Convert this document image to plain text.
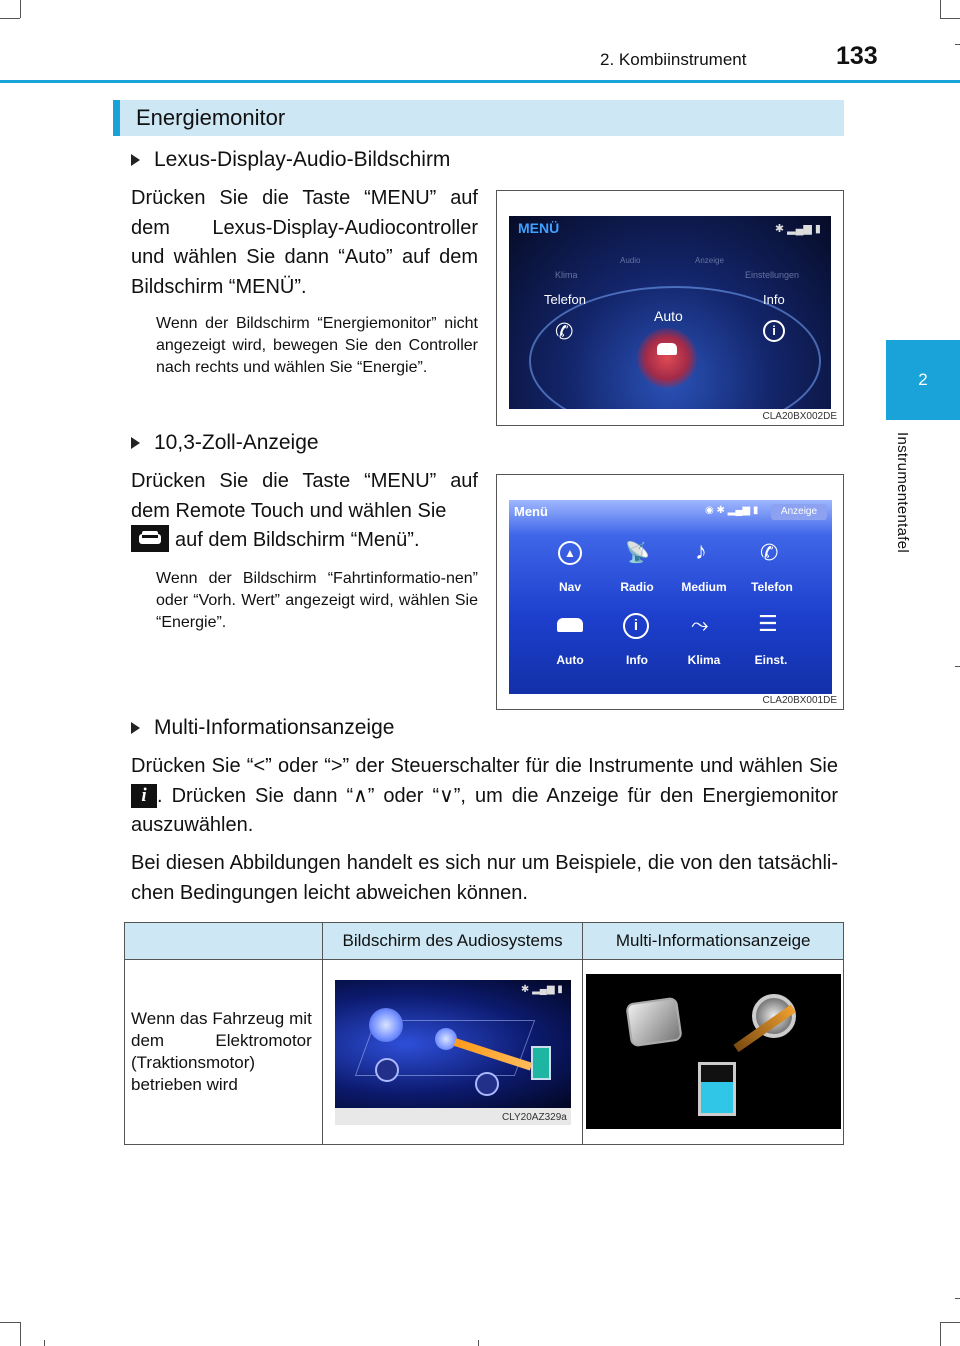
2. Kombiinstrument	133
2
Instrumententafel
Energiemonitor
Lexus-Display-Audio-Bildschirm
Drücken Sie die Taste “MENU” auf dem Lexus-Display-Audiocontroller und wählen Sie dann “Auto” auf dem Bildschirm “MENÜ”.
Wenn der Bildschirm “Energiemonitor” nicht angezeigt wird, bewegen Sie den Controller nach rechts und wählen Sie “Energie”.
MENÜ	✱ ▂▄▆ ▮
Klima
Audio	Anzeige
Einstellungen
Telefon	Info
Auto
✆	i
CLA20BX002DE
10,3-Zoll-Anzeige
Drücken Sie die Taste “MENU” auf dem Remote Touch und wählen Sie
auf dem Bildschirm “Menü”.
Wenn der Bildschirm “Fahrtinformatio-nen” oder “Vorh. Wert” angezeigt wird, wählen Sie “Energie”.
Menü	◉ ✱ ▂▄▆ ▮	Anzeige
▲	📡 ♪ ✆
Nav	Radio	Medium	Telefon
i	⤳ ☰
Auto	Info	Klima	Einst.
CLA20BX001DE
Multi-Informationsanzeige
Drücken Sie “<” oder “>” der Steuerschalter für die Instrumente und wählen Sie i . Drücken Sie dann “∧” oder “∨”, um die Anzeige für den Energiemonitor auszuwählen.
Bei diesen Abbildungen handelt es sich nur um Beispiele, die von den tatsächli-chen Bedingungen leicht abweichen können.
	Bildschirm des Audiosystems	Multi-Informationsanzeige
Wenn das Fahrzeug mit dem Elektromotor (Traktionsmotor) betrieben wird	✱ ▂▄▆ ▮
CLY20AZ329a	
